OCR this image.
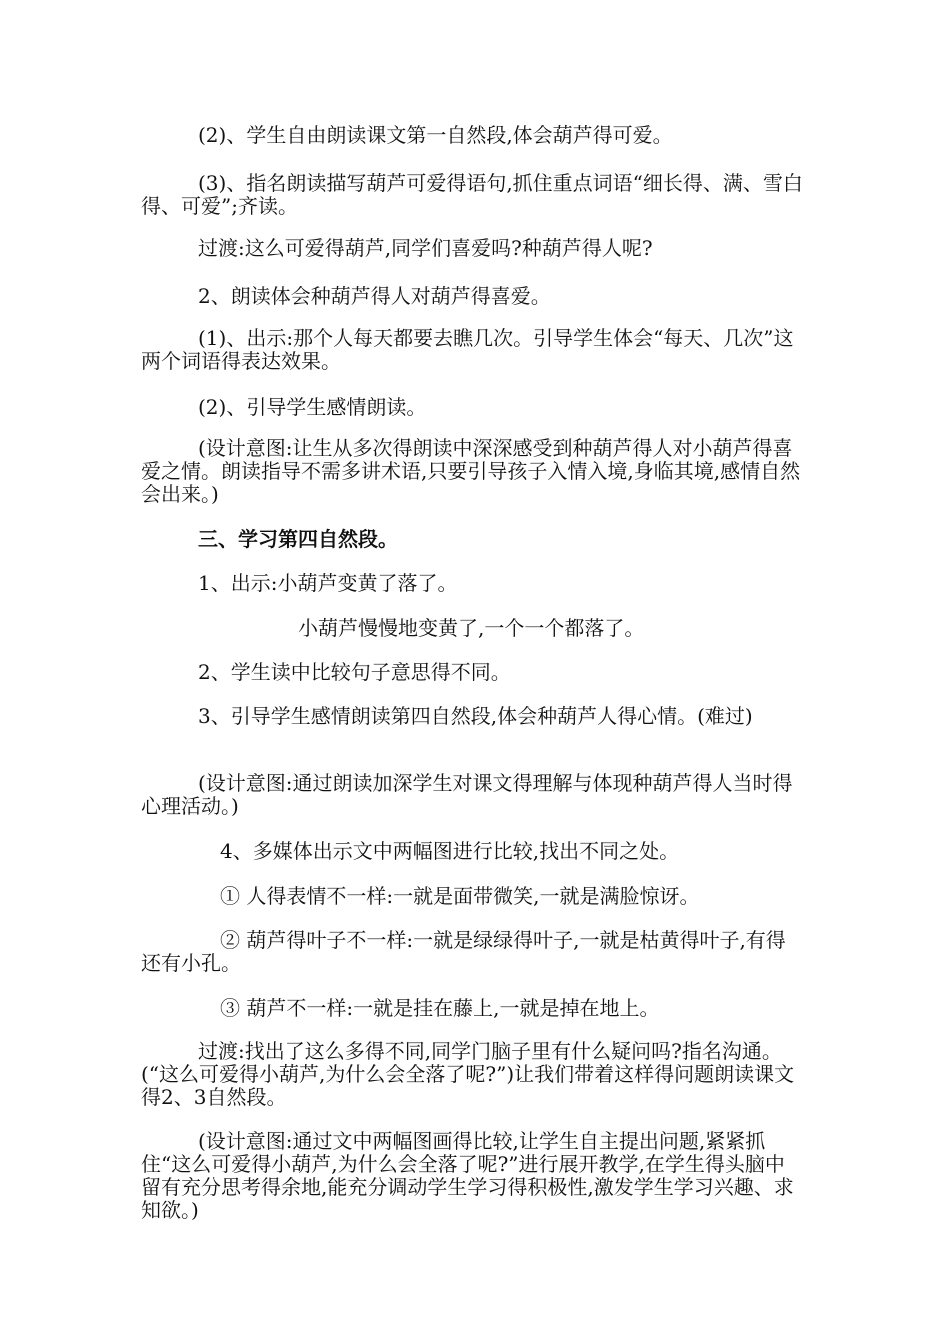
(2)、学生自由朗读课文第一自然段,体会葫芦得可爱。

(3)、指名朗读描写葫芦可爱得语句,抓住重点词语“细长得、满、雪白得、可爱”;齐读。

过渡:这么可爱得葫芦,同学们喜爱吗?种葫芦得人呢?

2、朗读体会种葫芦得人对葫芦得喜爱。

(1)、出示:那个人每天都要去瞧几次。引导学生体会“每天、几次”这两个词语得表达效果。

(2)、引导学生感情朗读。

(设计意图:让生从多次得朗读中深深感受到种葫芦得人对小葫芦得喜爱之情。朗读指导不需多讲术语,只要引导孩子入情入境,身临其境,感情自然会出来。)

三、学习第四自然段。

1、出示:小葫芦变黄了落了。

小葫芦慢慢地变黄了,一个一个都落了。

2、学生读中比较句子意思得不同。

3、引导学生感情朗读第四自然段,体会种葫芦人得心情。(难过)

(设计意图:通过朗读加深学生对课文得理解与体现种葫芦得人当时得心理活动。)

4、多媒体出示文中两幅图进行比较,找出不同之处。

① 人得表情不一样:一就是面带微笑,一就是满脸惊讶。

② 葫芦得叶子不一样:一就是绿绿得叶子,一就是枯黄得叶子,有得还有小孔。

③ 葫芦不一样:一就是挂在藤上,一就是掉在地上。

过渡:找出了这么多得不同,同学门脑子里有什么疑问吗?指名沟通。(“这么可爱得小葫芦,为什么会全落了呢?”)让我们带着这样得问题朗读课文得2、3自然段。

(设计意图:通过文中两幅图画得比较,让学生自主提出问题,紧紧抓住“这么可爱得小葫芦,为什么会全落了呢?”进行展开教学,在学生得头脑中留有充分思考得余地,能充分调动学生学习得积极性,激发学生学习兴趣、求知欲。)
